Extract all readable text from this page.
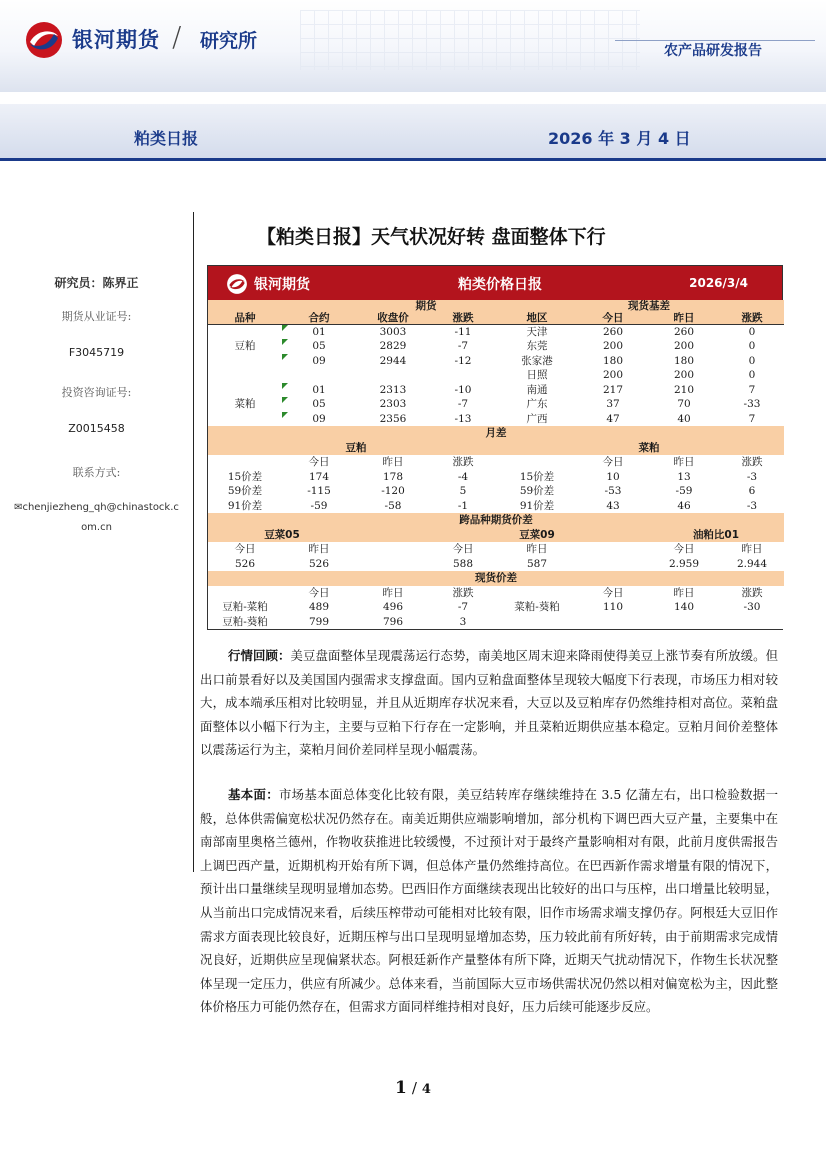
银河期货 / 研究所	农产品研发报告
粕类日报	2026 年 3 月 4 日
研究员：陈界正
期货从业证号:
F3045719
投资咨询证号:
Z0015458
联系方式:
✉chenjiezheng_qh@chinastock.c
om.cn
【粕类日报】天气状况好转 盘面整体下行
银河期货	粕类价格日报	2026/3/4
		期货			现货基差		
品种	合约	收盘价	涨跌	地区	今日	昨日	涨跌
	01	3003	-11	天津	260	260	0
豆粕	05	2829	-7	东莞	200	200	0
	09	2944	-12	张家港	180	180	0
				日照	200	200	0
	01	2313	-10	南通	217	210	7
菜粕	05	2303	-7	广东	37	70	-33
	09	2356	-13	广西	47	40	7
月差							
	豆粕				菜粕		
	今日	昨日	涨跌		今日	昨日	涨跌
15价差	174	178	-4	15价差	10	13	-3
59价差	-115	-120	5	59价差	-53	-59	6
91价差	-59	-58	-1	91价差	43	46	-3
跨品种期货价差							
豆菜05				豆菜09		油粕比01	
今日	昨日		今日	昨日		今日	昨日
526	526		588	587		2.959	2.944
现货价差							
	今日	昨日	涨跌		今日	昨日	涨跌
豆粕-菜粕	489	496	-7	菜粕-葵粕	110	140	-30
豆粕-葵粕	799	796	3				
行情回顾：美豆盘面整体呈现震荡运行态势，南美地区周末迎来降雨使得美豆上涨节奏有所放缓。但出口前景看好以及美国国内强需求支撑盘面。国内豆粕盘面整体呈现较大幅度下行表现，市场压力相对较大，成本端承压相对比较明显，并且从近期库存状况来看，大豆以及豆粕库存仍然维持相对高位。菜粕盘面整体以小幅下行为主，主要与豆粕下行存在一定影响，并且菜粕近期供应基本稳定。豆粕月间价差整体以震荡运行为主，菜粕月间价差同样呈现小幅震荡。
基本面：市场基本面总体变化比较有限，美豆结转库存继续维持在 3.5 亿蒲左右，出口检验数据一般，总体供需偏宽松状况仍然存在。南美近期供应端影响增加，部分机构下调巴西大豆产量，主要集中在南部南里奥格兰德州，作物收获推进比较缓慢，不过预计对于最终产量影响相对有限，此前月度供需报告上调巴西产量，近期机构开始有所下调，但总体产量仍然维持高位。在巴西新作需求增量有限的情况下，预计出口量继续呈现明显增加态势。巴西旧作方面继续表现出比较好的出口与压榨，出口增量比较明显，从当前出口完成情况来看，后续压榨带动可能相对比较有限，旧作市场需求端支撑仍存。阿根廷大豆旧作需求方面表现比较良好，近期压榨与出口呈现明显增加态势，压力较此前有所好转，由于前期需求完成情况良好，近期供应呈现偏紧状态。阿根廷新作产量整体有所下降，近期天气扰动情况下，作物生长状况整体呈现一定压力，供应有所减少。总体来看，当前国际大豆市场供需状况仍然以相对偏宽松为主，因此整体价格压力可能仍然存在，但需求方面同样维持相对良好，压力后续可能逐步反应。
1 / 4
